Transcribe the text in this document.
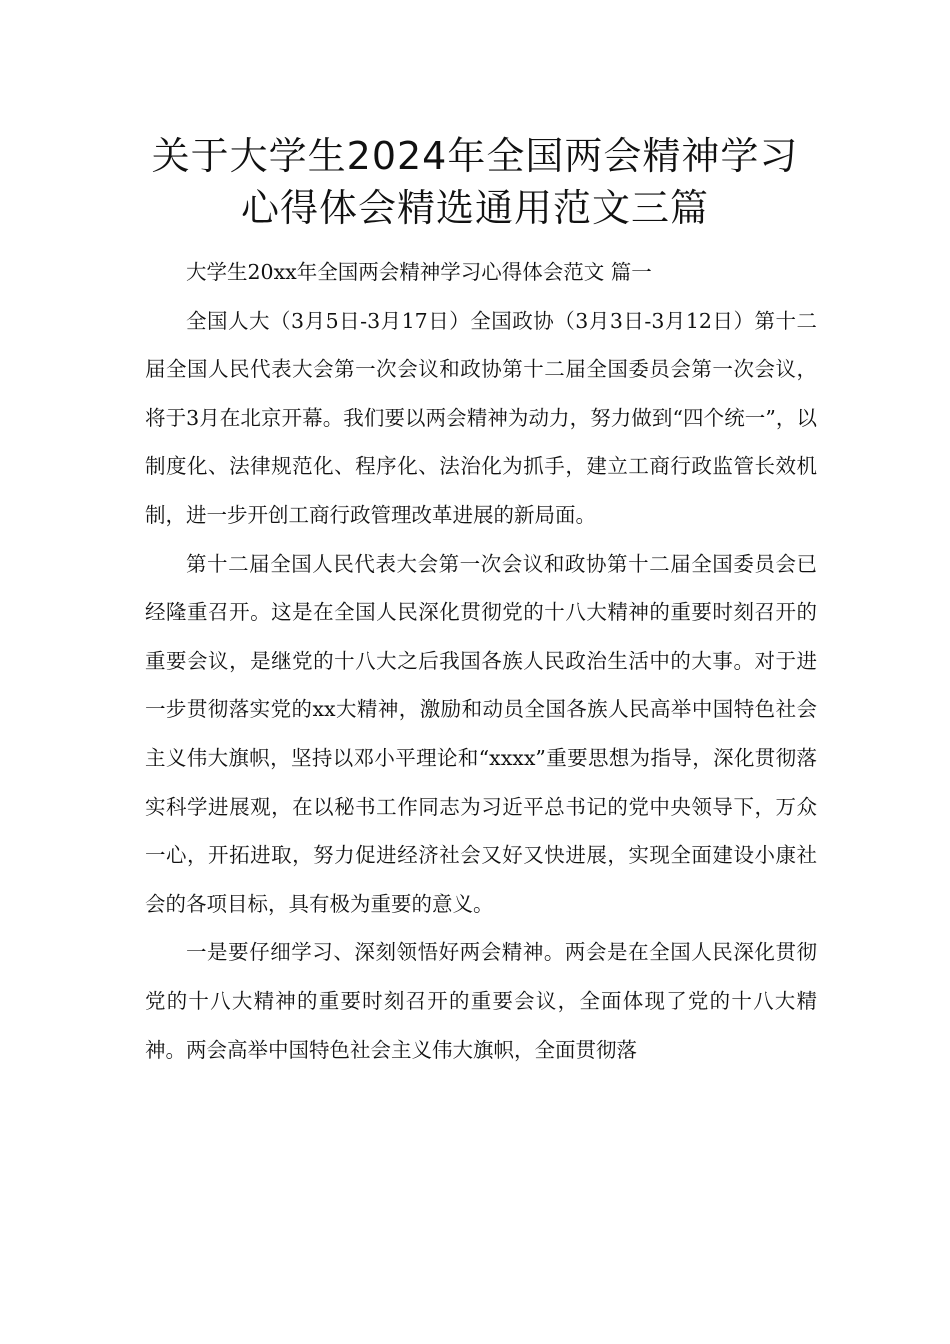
关于大学生2024年全国两会精神学习
心得体会精选通用范文三篇

大学生20xx年全国两会精神学习心得体会范文 篇一

全国人大（3月5日-3月17日）全国政协（3月3日-3月12日）第十二届全国人民代表大会第一次会议和政协第十二届全国委员会第一次会议，将于3月在北京开幕。我们要以两会精神为动力，努力做到“四个统一”，以制度化、法律规范化、程序化、法治化为抓手，建立工商行政监管长效机制，进一步开创工商行政管理改革进展的新局面。

第十二届全国人民代表大会第一次会议和政协第十二届全国委员会已经隆重召开。这是在全国人民深化贯彻党的十八大精神的重要时刻召开的重要会议，是继党的十八大之后我国各族人民政治生活中的大事。对于进一步贯彻落实党的xx大精神，激励和动员全国各族人民高举中国特色社会主义伟大旗帜，坚持以邓小平理论和“xxxx”重要思想为指导，深化贯彻落实科学进展观，在以秘书工作同志为习近平总书记的党中央领导下，万众一心，开拓进取，努力促进经济社会又好又快进展，实现全面建设小康社会的各项目标，具有极为重要的意义。

一是要仔细学习、深刻领悟好两会精神。两会是在全国人民深化贯彻党的十八大精神的重要时刻召开的重要会议，全面体现了党的十八大精神。两会高举中国特色社会主义伟大旗帜，全面贯彻落
